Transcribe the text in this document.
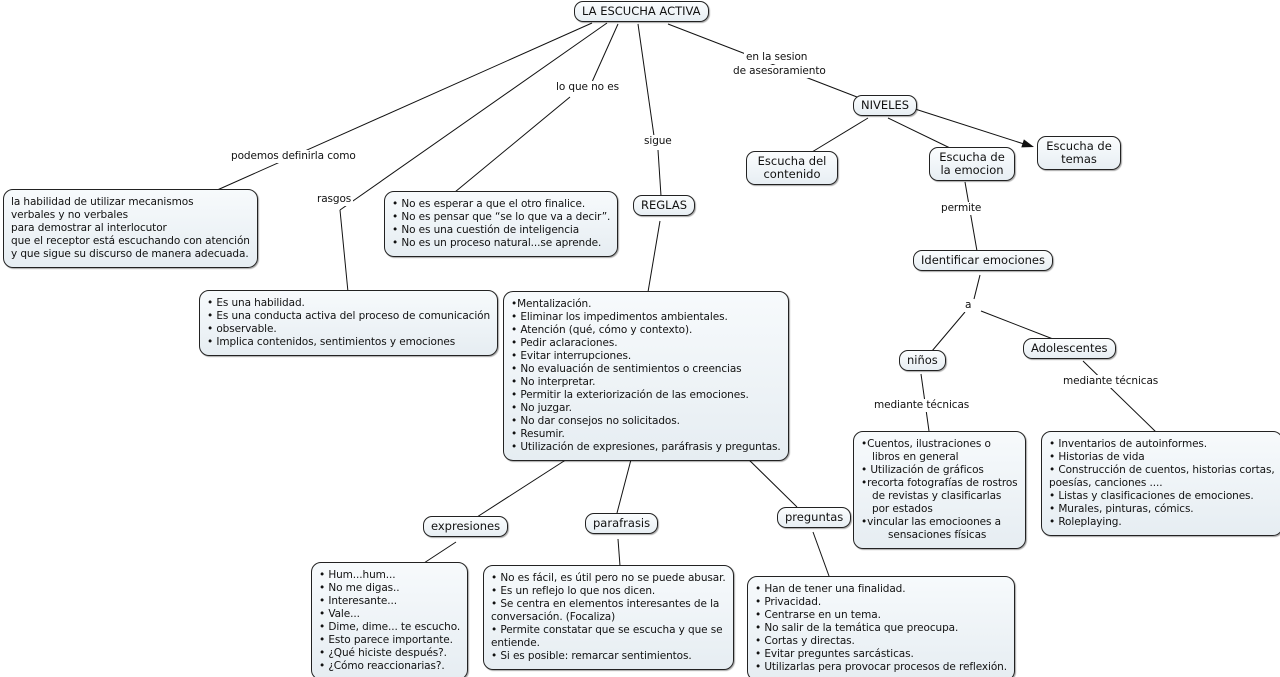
LA ESCUCHA ACTIVA
NIVELES
REGLAS
Escucha del contenido
Escucha de la emocion
Escucha de temas
Identificar emociones
niños
Adolescentes
expresiones	parafrasis	preguntas
podemos definirla como
rasgos
lo que no es
sigue
en la sesion
de asesoramiento
permite
a
mediante técnicas
mediante técnicas
la habilidad de utilizar mecanismos
verbales y no verbales
para demostrar al interlocutor
que el receptor está escuchando con atención
y que sigue su discurso de manera adecuada.
• No es esperar a que el otro finalice.
• No es pensar que “se lo que va a decir”.
• No es una cuestión de inteligencia
• No es un proceso natural...se aprende.
• Es una habilidad.
• Es una conducta activa del proceso de comunicación
• observable.
• Implica contenidos, sentimientos y emociones
•Mentalización.
• Eliminar los impedimentos ambientales.
• Atención (qué, cómo y contexto).
• Pedir aclaraciones.
• Evitar interrupciones.
• No evaluación de sentimientos o creencias
• No interpretar.
• Permitir la exteriorización de las emociones.
• No juzgar.
• No dar consejos no solicitados.
• Resumir.
• Utilización de expresiones, paráfrasis y preguntas.	•Cuentos, ilustraciones o
libros en general
• Utilización de gráficos
•recorta fotografías de rostros
de revistas y clasificarlas
por estados
•vincular las emocioones a
sensaciones físicas
• Inventarios de autoinformes.
• Historias de vida
• Construcción de cuentos, historias cortas,
poesías, canciones ....
• Listas y clasificaciones de emociones.
• Murales, pinturas, cómics.
• Roleplaying.
• Hum...hum...
• No me digas..
• Interesante...
• Vale...
• Dime, dime... te escucho.
• Esto parece importante.
• ¿Qué hiciste después?.
• ¿Cómo reaccionarias?.
• No es fácil, es útil pero no se puede abusar.
• Es un reflejo lo que nos dicen.
• Se centra en elementos interesantes de la
conversación. (Focaliza)
• Permite constatar que se escucha y que se
entiende.
• Si es posible: remarcar sentimientos.
• Han de tener una finalidad.
• Privacidad.
• Centrarse en un tema.
• No salir de la temática que preocupa.
• Cortas y directas.
• Evitar preguntes sarcásticas.
• Utilizarlas pera provocar procesos de reflexión.
